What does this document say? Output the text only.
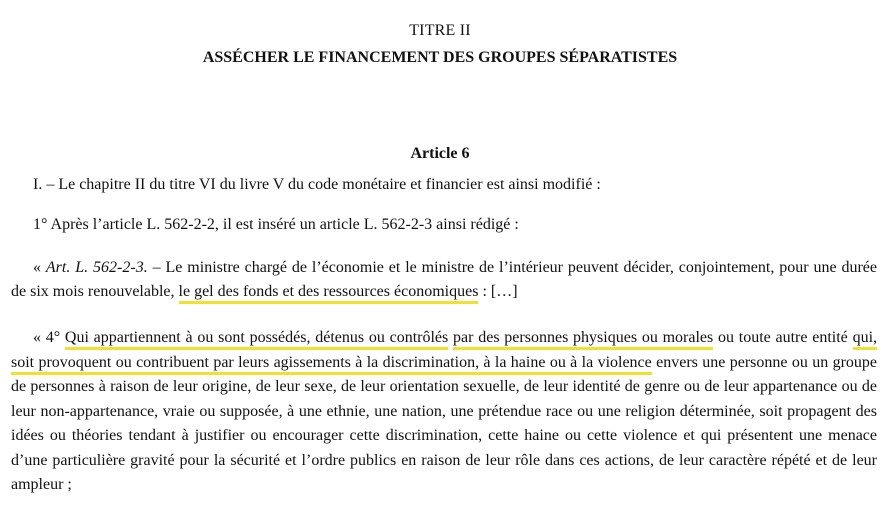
TITRE II
ASSÉCHER LE FINANCEMENT DES GROUPES SÉPARATISTES
Article 6
I. – Le chapitre II du titre VI du livre V du code monétaire et financier est ainsi modifié :
1° Après l’article L. 562-2-2, il est inséré un article L. 562-2-3 ainsi rédigé :
« Art. L. 562-2-3. – Le ministre chargé de l’économie et le ministre de l’intérieur peuvent décider, conjointement, pour une durée de six mois renouvelable, le gel des fonds et des ressources économiques : […]
« 4° Qui appartiennent à ou sont possédés, détenus ou contrôlés par des personnes physiques ou morales ou toute autre entité qui, soit provoquent ou contribuent par leurs agissements à la discrimination, à la haine ou à la violence envers une personne ou un groupe de personnes à raison de leur origine, de leur sexe, de leur orientation sexuelle, de leur identité de genre ou de leur appartenance ou de leur non-appartenance, vraie ou supposée, à une ethnie, une nation, une prétendue race ou une religion déterminée, soit propagent des idées ou théories tendant à justifier ou encourager cette discrimination, cette haine ou cette violence et qui présentent une menace d’une particulière gravité pour la sécurité et l’ordre publics en raison de leur rôle dans ces actions, de leur caractère répété et de leur ampleur ;
